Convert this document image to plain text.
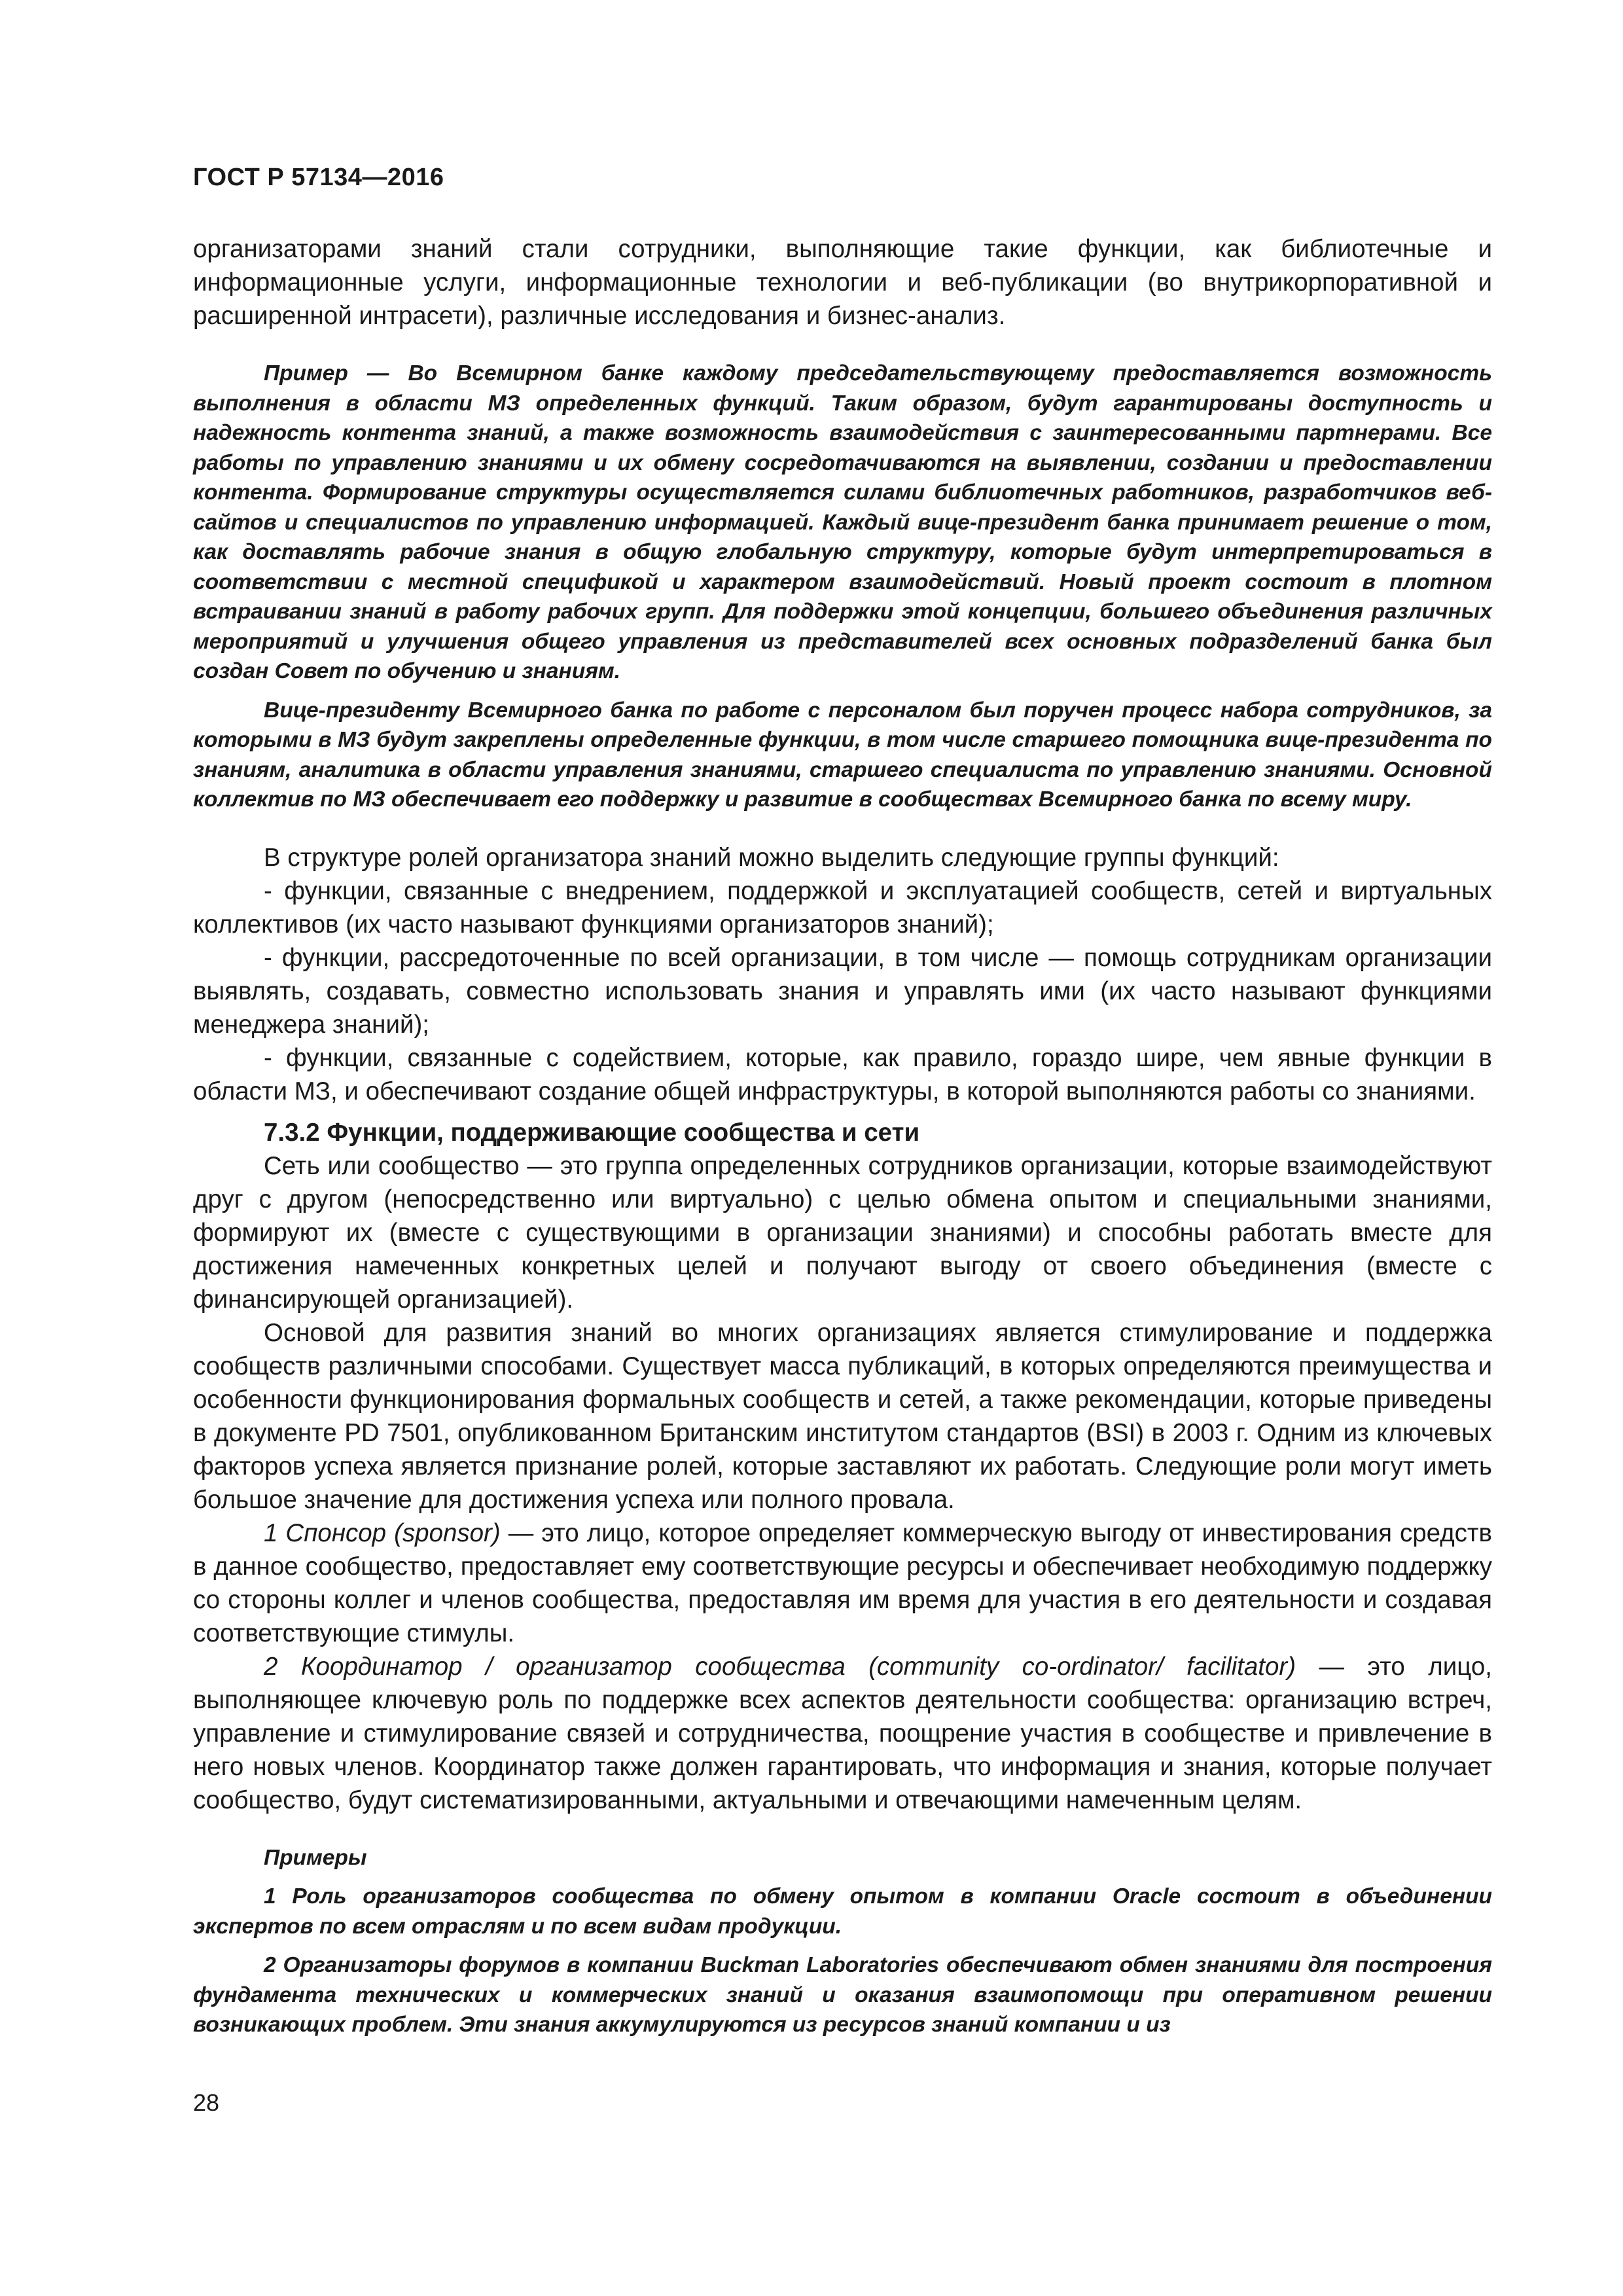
ГОСТ Р 57134—2016

организаторами знаний стали сотрудники, выполняющие такие функции, как библиотечные и информационные услуги, информационные технологии и веб-публикации (во внутрикорпоративной и расширенной интрасети), различные исследования и бизнес-анализ.

Пример — Во Всемирном банке каждому председательствующему предоставляется возможность выполнения в области МЗ определенных функций. Таким образом, будут гарантированы доступность и надежность контента знаний, а также возможность взаимодействия с заинтересованными партнерами. Все работы по управлению знаниями и их обмену сосредотачиваются на выявлении, создании и предоставлении контента. Формирование структуры осуществляется силами библиотечных работников, разработчиков веб-сайтов и специалистов по управлению информацией. Каждый вице-президент банка принимает решение о том, как доставлять рабочие знания в общую глобальную структуру, которые будут интерпретироваться в соответствии с местной спецификой и характером взаимодействий. Новый проект состоит в плотном встраивании знаний в работу рабочих групп. Для поддержки этой концепции, большего объединения различных мероприятий и улучшения общего управления из представителей всех основных подразделений банка был создан Совет по обучению и знаниям.

Вице-президенту Всемирного банка по работе с персоналом был поручен процесс набора сотрудников, за которыми в МЗ будут закреплены определенные функции, в том числе старшего помощника вице-президента по знаниям, аналитика в области управления знаниями, старшего специалиста по управлению знаниями. Основной коллектив по МЗ обеспечивает его поддержку и развитие в сообществах Всемирного банка по всему миру.

В структуре ролей организатора знаний можно выделить следующие группы функций:

- функции, связанные с внедрением, поддержкой и эксплуатацией сообществ, сетей и виртуальных коллективов (их часто называют функциями организаторов знаний);

- функции, рассредоточенные по всей организации, в том числе — помощь сотрудникам организации выявлять, создавать, совместно использовать знания и управлять ими (их часто называют функциями менеджера знаний);

- функции, связанные с содействием, которые, как правило, гораздо шире, чем явные функции в области МЗ, и обеспечивают создание общей инфраструктуры, в которой выполняются работы со знаниями.

7.3.2 Функции, поддерживающие сообщества и сети

Сеть или сообщество — это группа определенных сотрудников организации, которые взаимодействуют друг с другом (непосредственно или виртуально) с целью обмена опытом и специальными знаниями, формируют их (вместе с существующими в организации знаниями) и способны работать вместе для достижения намеченных конкретных целей и получают выгоду от своего объединения (вместе с финансирующей организацией).

Основой для развития знаний во многих организациях является стимулирование и поддержка сообществ различными способами. Существует масса публикаций, в которых определяются преимущества и особенности функционирования формальных сообществ и сетей, а также рекомендации, которые приведены в документе PD 7501, опубликованном Британским институтом стандартов (BSI) в 2003 г. Одним из ключевых факторов успеха является признание ролей, которые заставляют их работать. Следующие роли могут иметь большое значение для достижения успеха или полного провала.

1 Спонсор (sponsor) — это лицо, которое определяет коммерческую выгоду от инвестирования средств в данное сообщество, предоставляет ему соответствующие ресурсы и обеспечивает необходимую поддержку со стороны коллег и членов сообщества, предоставляя им время для участия в его деятельности и создавая соответствующие стимулы.

2 Координатор / организатор сообщества (community co-ordinator/ facilitator) — это лицо, выполняющее ключевую роль по поддержке всех аспектов деятельности сообщества: организацию встреч, управление и стимулирование связей и сотрудничества, поощрение участия в сообществе и привлечение в него новых членов. Координатор также должен гарантировать, что информация и знания, которые получает сообщество, будут систематизированными, актуальными и отвечающими намеченным целям.

Примеры

1 Роль организаторов сообщества по обмену опытом в компании Oracle состоит в объединении экспертов по всем отраслям и по всем видам продукции.

2 Организаторы форумов в компании Buckman Laboratories обеспечивают обмен знаниями для построения фундамента технических и коммерческих знаний и оказания взаимопомощи при оперативном решении возникающих проблем. Эти знания аккумулируются из ресурсов знаний компании и из

28
